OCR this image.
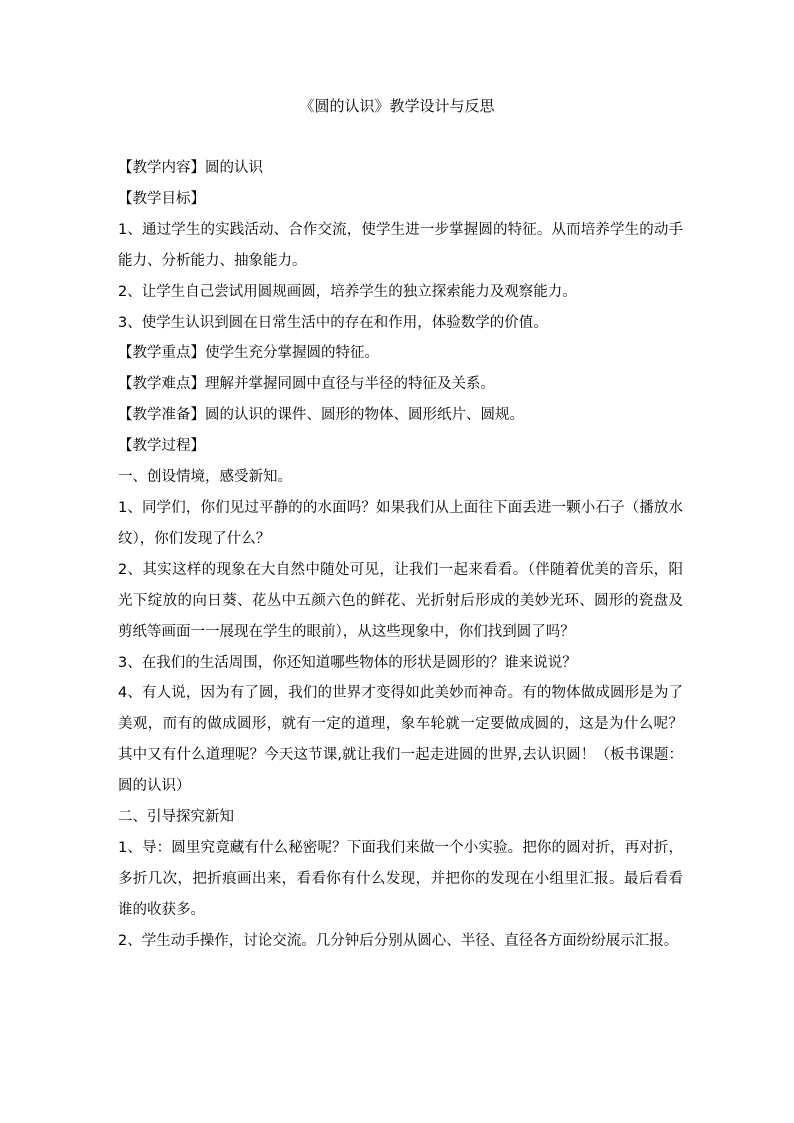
《圆的认识》教学设计与反思

【教学内容】圆的认识

【教学目标】

1、通过学生的实践活动、合作交流，使学生进一步掌握圆的特征。从而培养学生的动手能力、分析能力、抽象能力。

2、让学生自己尝试用圆规画圆，培养学生的独立探索能力及观察能力。

3、使学生认识到圆在日常生活中的存在和作用，体验数学的价值。

【教学重点】使学生充分掌握圆的特征。

【教学难点】理解并掌握同圆中直径与半径的特征及关系。

【教学准备】圆的认识的课件、圆形的物体、圆形纸片、圆规。

【教学过程】

一、创设情境，感受新知。

1、同学们，你们见过平静的的水面吗？如果我们从上面往下面丢进一颗小石子（播放水纹），你们发现了什么？

2、其实这样的现象在大自然中随处可见，让我们一起来看看。（伴随着优美的音乐，阳光下绽放的向日葵、花丛中五颜六色的鲜花、光折射后形成的美妙光环、圆形的瓷盘及剪纸等画面一一展现在学生的眼前），从这些现象中，你们找到圆了吗？

3、在我们的生活周围，你还知道哪些物体的形状是圆形的？谁来说说？

4、有人说，因为有了圆，我们的世界才变得如此美妙而神奇。有的物体做成圆形是为了美观，而有的做成圆形，就有一定的道理，象车轮就一定要做成圆的，这是为什么呢？其中又有什么道理呢？今天这节课,就让我们一起走进圆的世界,去认识圆！（板书课题：圆的认识）

二、引导探究新知

1、导：圆里究竟藏有什么秘密呢？下面我们来做一个小实验。把你的圆对折，再对折，多折几次，把折痕画出来，看看你有什么发现，并把你的发现在小组里汇报。最后看看谁的收获多。

2、学生动手操作，讨论交流。几分钟后分别从圆心、半径、直径各方面纷纷展示汇报。
